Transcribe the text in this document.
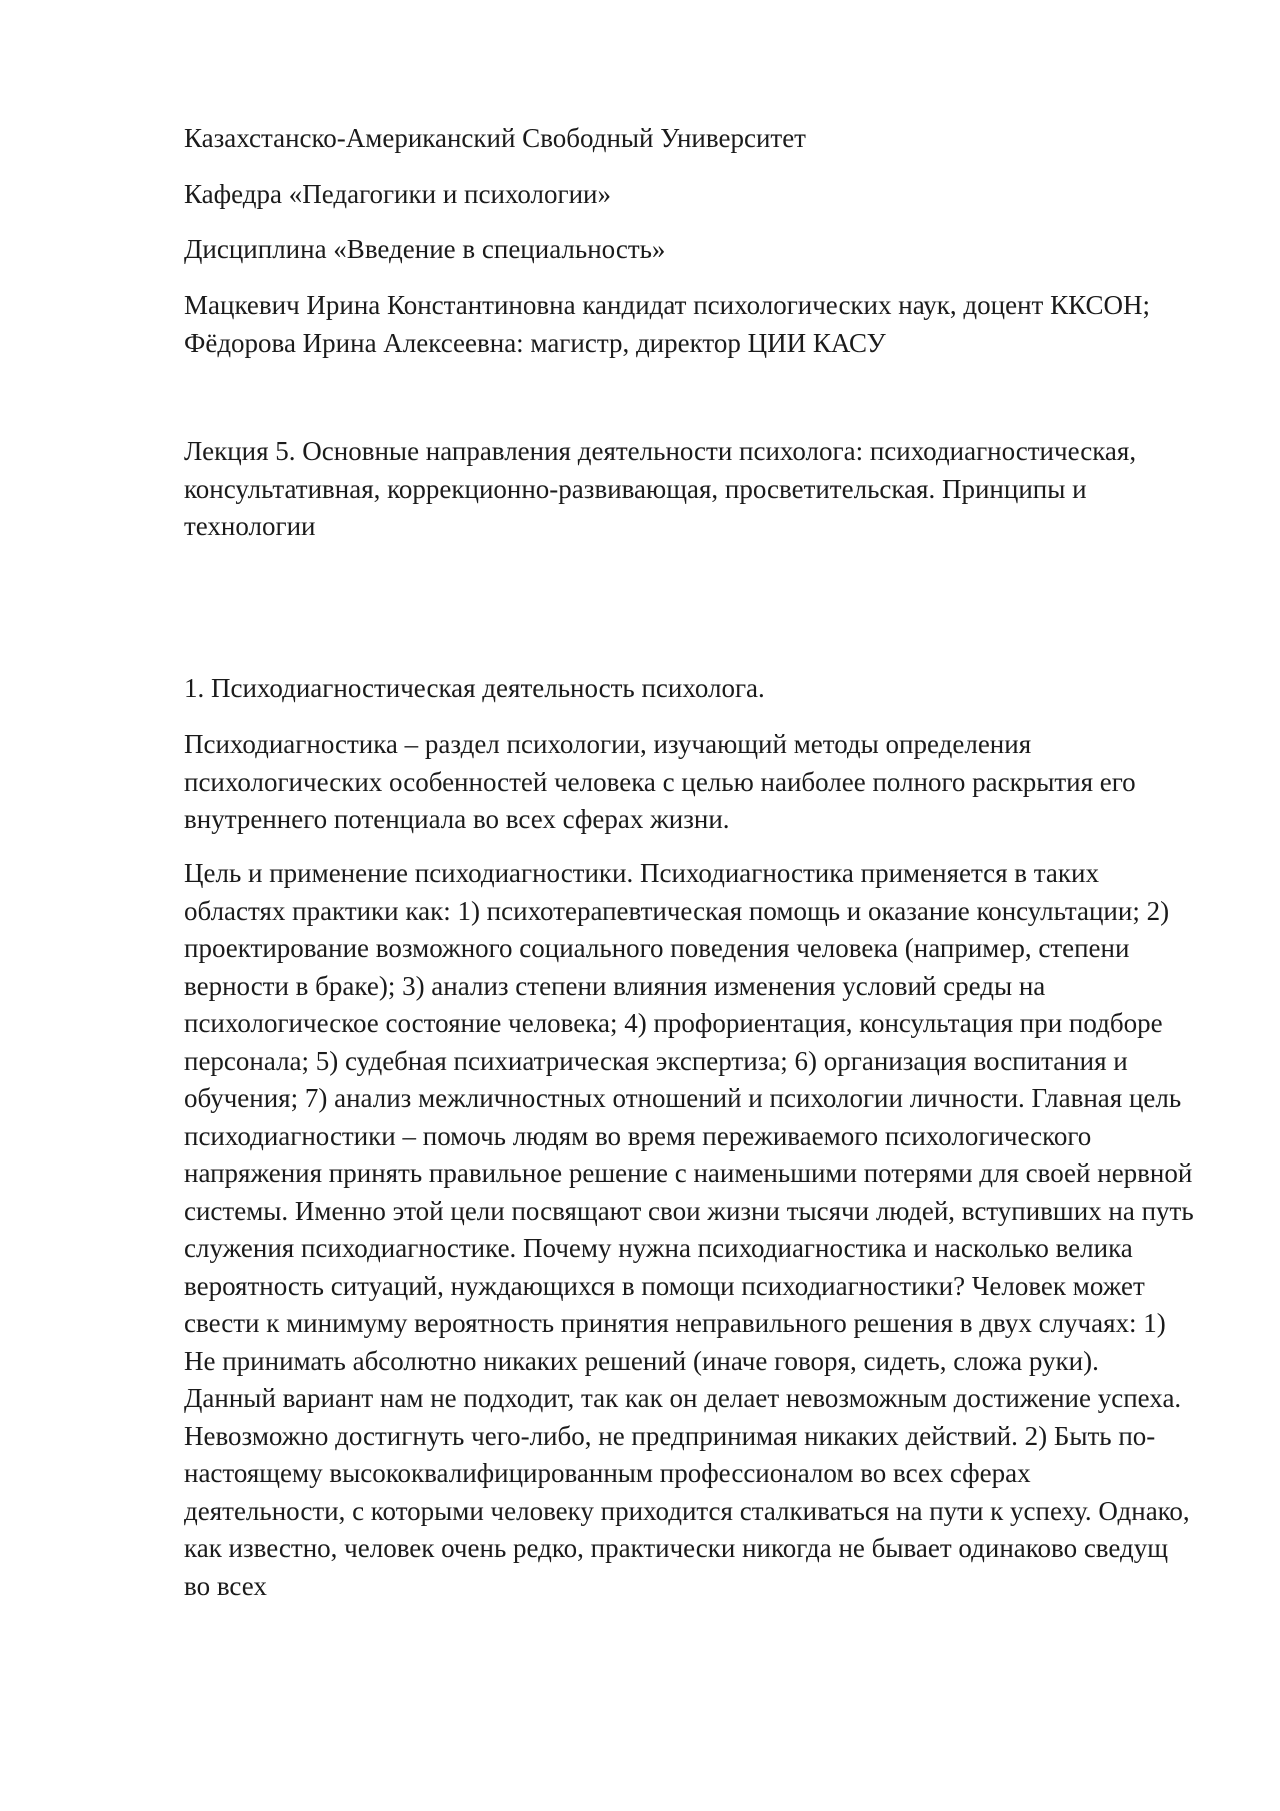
Казахстанско-Американский Свободный Университет

Кафедра «Педагогики и психологии»

Дисциплина «Введение в специальность»

Мацкевич Ирина Константиновна кандидат психологических наук, доцент ККСОН; Фёдорова Ирина Алексеевна: магистр, директор ЦИИ КАСУ

Лекция 5. Основные направления деятельности психолога: психодиагностическая, консультативная, коррекционно-развивающая, просветительская. Принципы и технологии

1. Психодиагностическая деятельность психолога.

Психодиагностика – раздел психологии, изучающий методы определения психологических особенностей человека с целью наиболее полного раскрытия его внутреннего потенциала во всех сферах жизни.

Цель и применение психодиагностики. Психодиагностика применяется в таких областях практики как: 1) психотерапевтическая помощь и оказание консультации; 2) проектирование возможного социального поведения человека (например, степени верности в браке); 3) анализ степени влияния изменения условий среды на психологическое состояние человека; 4) профориентация, консультация при подборе персонала; 5) судебная психиатрическая экспертиза; 6) организация воспитания и обучения; 7) анализ межличностных отношений и психологии личности. Главная цель психодиагностики – помочь людям во время переживаемого психологического напряжения принять правильное решение с наименьшими потерями для своей нервной системы. Именно этой цели посвящают свои жизни тысячи людей, вступивших на путь служения психодиагностике. Почему нужна психодиагностика и насколько велика вероятность ситуаций, нуждающихся в помощи психодиагностики? Человек может свести к минимуму вероятность принятия неправильного решения в двух случаях: 1) Не принимать абсолютно никаких решений (иначе говоря, сидеть, сложа руки). Данный вариант нам не подходит, так как он делает невозможным достижение успеха. Невозможно достигнуть чего-либо, не предпринимая никаких действий. 2) Быть по-настоящему высококвалифицированным профессионалом во всех сферах деятельности, с которыми человеку приходится сталкиваться на пути к успеху. Однако, как известно, человек очень редко, практически никогда не бывает одинаково сведущ во всех
